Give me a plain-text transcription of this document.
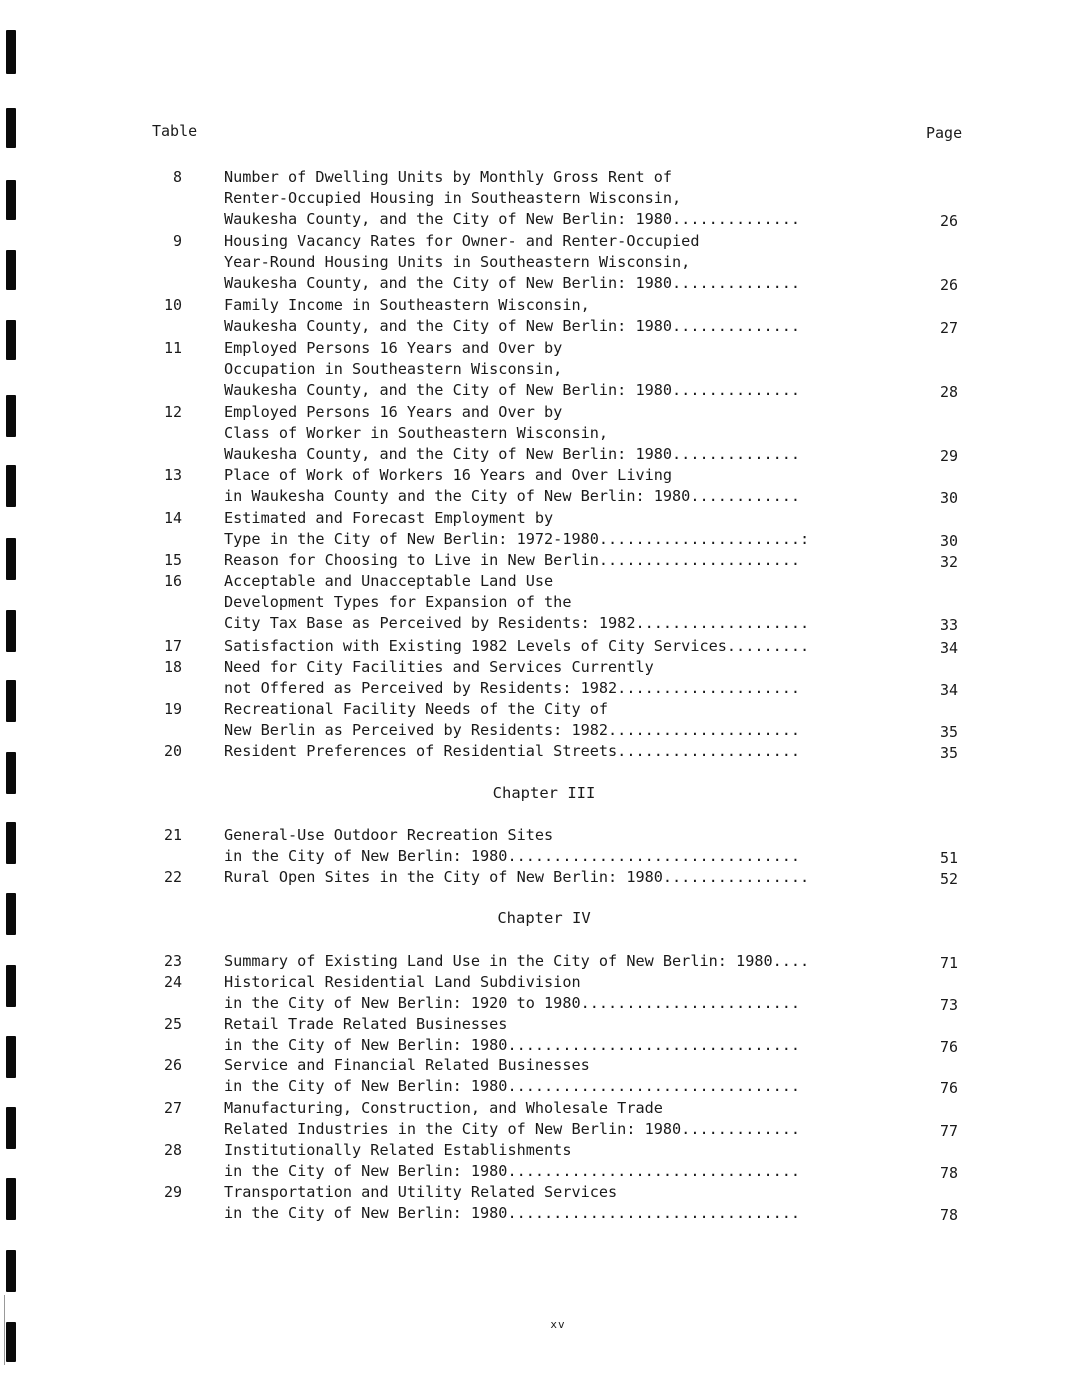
Table	Page
8	Number of Dwelling Units by Monthly Gross Rent of
Renter-Occupied Housing in Southeastern Wisconsin,
Waukesha County, and the City of New Berlin: 1980..............	26
9	Housing Vacancy Rates for Owner- and Renter-Occupied
Year-Round Housing Units in Southeastern Wisconsin,
Waukesha County, and the City of New Berlin: 1980..............	26
10	Family Income in Southeastern Wisconsin,
Waukesha County, and the City of New Berlin: 1980..............	27
11	Employed Persons 16 Years and Over by
Occupation in Southeastern Wisconsin,
Waukesha County, and the City of New Berlin: 1980..............	28
12	Employed Persons 16 Years and Over by
Class of Worker in Southeastern Wisconsin,
Waukesha County, and the City of New Berlin: 1980..............	29
13	Place of Work of Workers 16 Years and Over Living
in Waukesha County and the City of New Berlin: 1980............	30
14	Estimated and Forecast Employment by
Type in the City of New Berlin: 1972-1980......................:	30
15	Reason for Choosing to Live in New Berlin......................	32
16	Acceptable and Unacceptable Land Use
Development Types for Expansion of the
City Tax Base as Perceived by Residents: 1982...................	33
17	Satisfaction with Existing 1982 Levels of City Services.........	34
18	Need for City Facilities and Services Currently
not Offered as Perceived by Residents: 1982....................	34
19	Recreational Facility Needs of the City of
New Berlin as Perceived by Residents: 1982.....................	35
20	Resident Preferences of Residential Streets....................	35
21	General-Use Outdoor Recreation Sites
in the City of New Berlin: 1980................................	51
22	Rural Open Sites in the City of New Berlin: 1980................	52
23	Summary of Existing Land Use in the City of New Berlin: 1980....	71
24	Historical Residential Land Subdivision
in the City of New Berlin: 1920 to 1980........................	73
25	Retail Trade Related Businesses
in the City of New Berlin: 1980................................	76
26	Service and Financial Related Businesses
in the City of New Berlin: 1980................................	76
27	Manufacturing, Construction, and Wholesale Trade
Related Industries in the City of New Berlin: 1980.............	77
28	Institutionally Related Establishments
in the City of New Berlin: 1980................................	78
29	Transportation and Utility Related Services
in the City of New Berlin: 1980................................	78
Chapter III
Chapter IV
xv
